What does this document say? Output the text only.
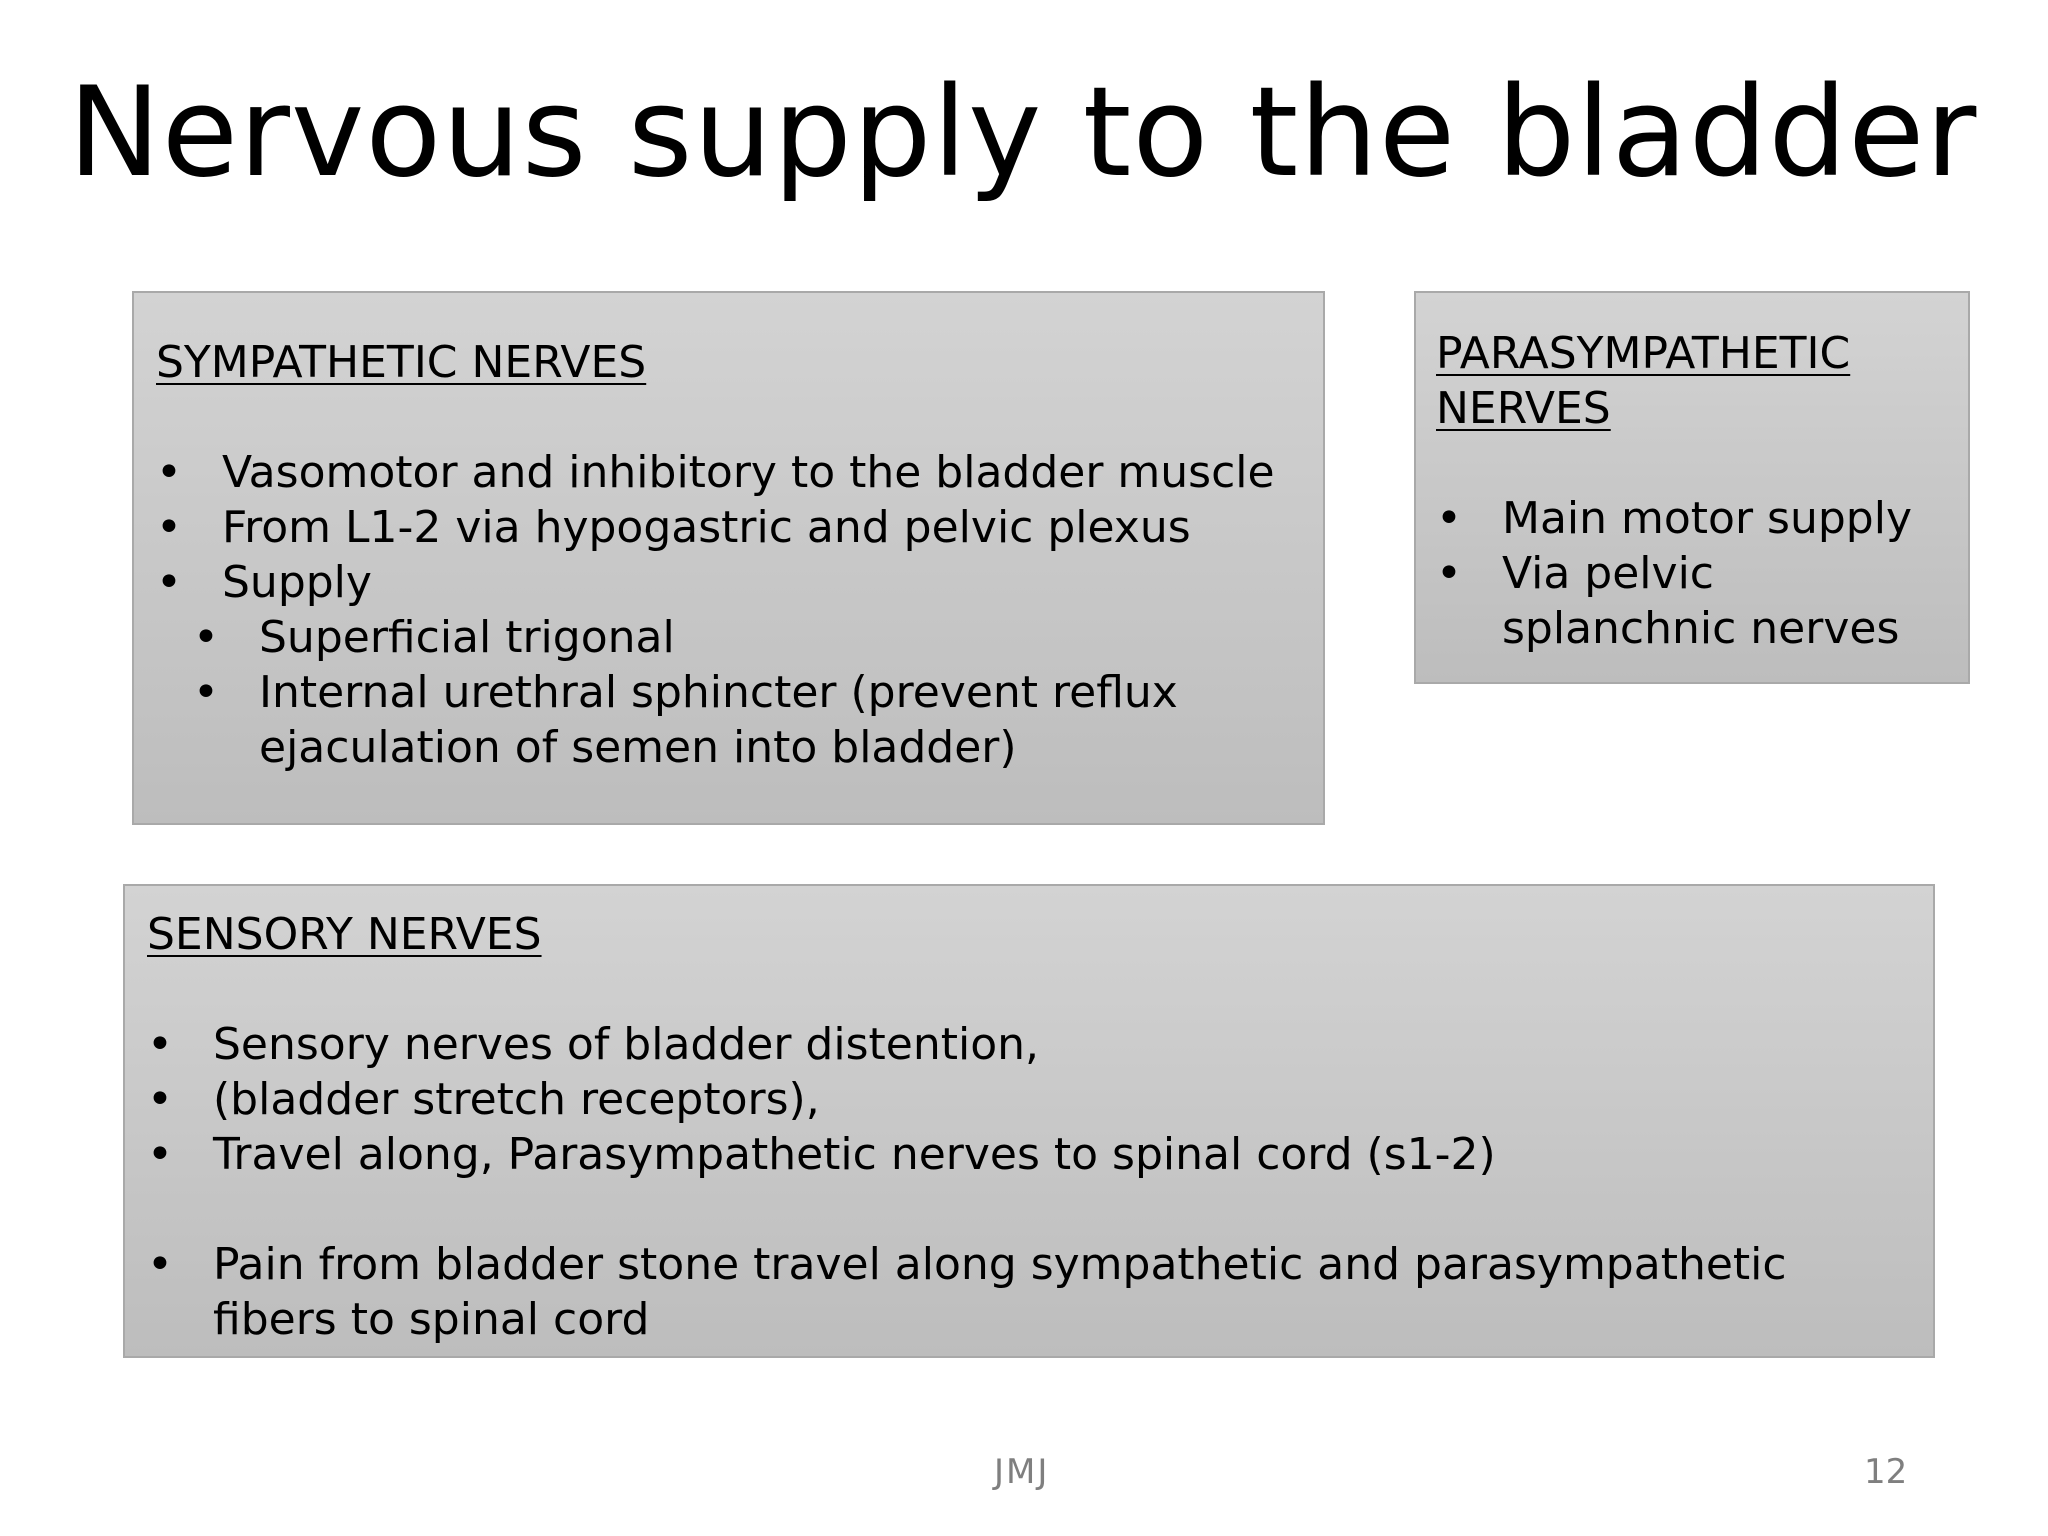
Nervous supply to the bladder
SYMPATHETIC NERVES
• Vasomotor and inhibitory to the bladder muscle
• From L1-2 via hypogastric and pelvic plexus
• Supply
• Superficial trigonal
• Internal urethral sphincter (prevent reflux ejaculation of semen into bladder)
PARASYMPATHETIC NERVES
• Main motor supply
• Via pelvic splanchnic nerves
SENSORY NERVES
• Sensory nerves of bladder distention,
• (bladder stretch receptors),
• Travel along, Parasympathetic nerves to spinal cord (s1-2)
• Pain from bladder stone travel along sympathetic and parasympathetic fibers to spinal cord
JMJ	12
